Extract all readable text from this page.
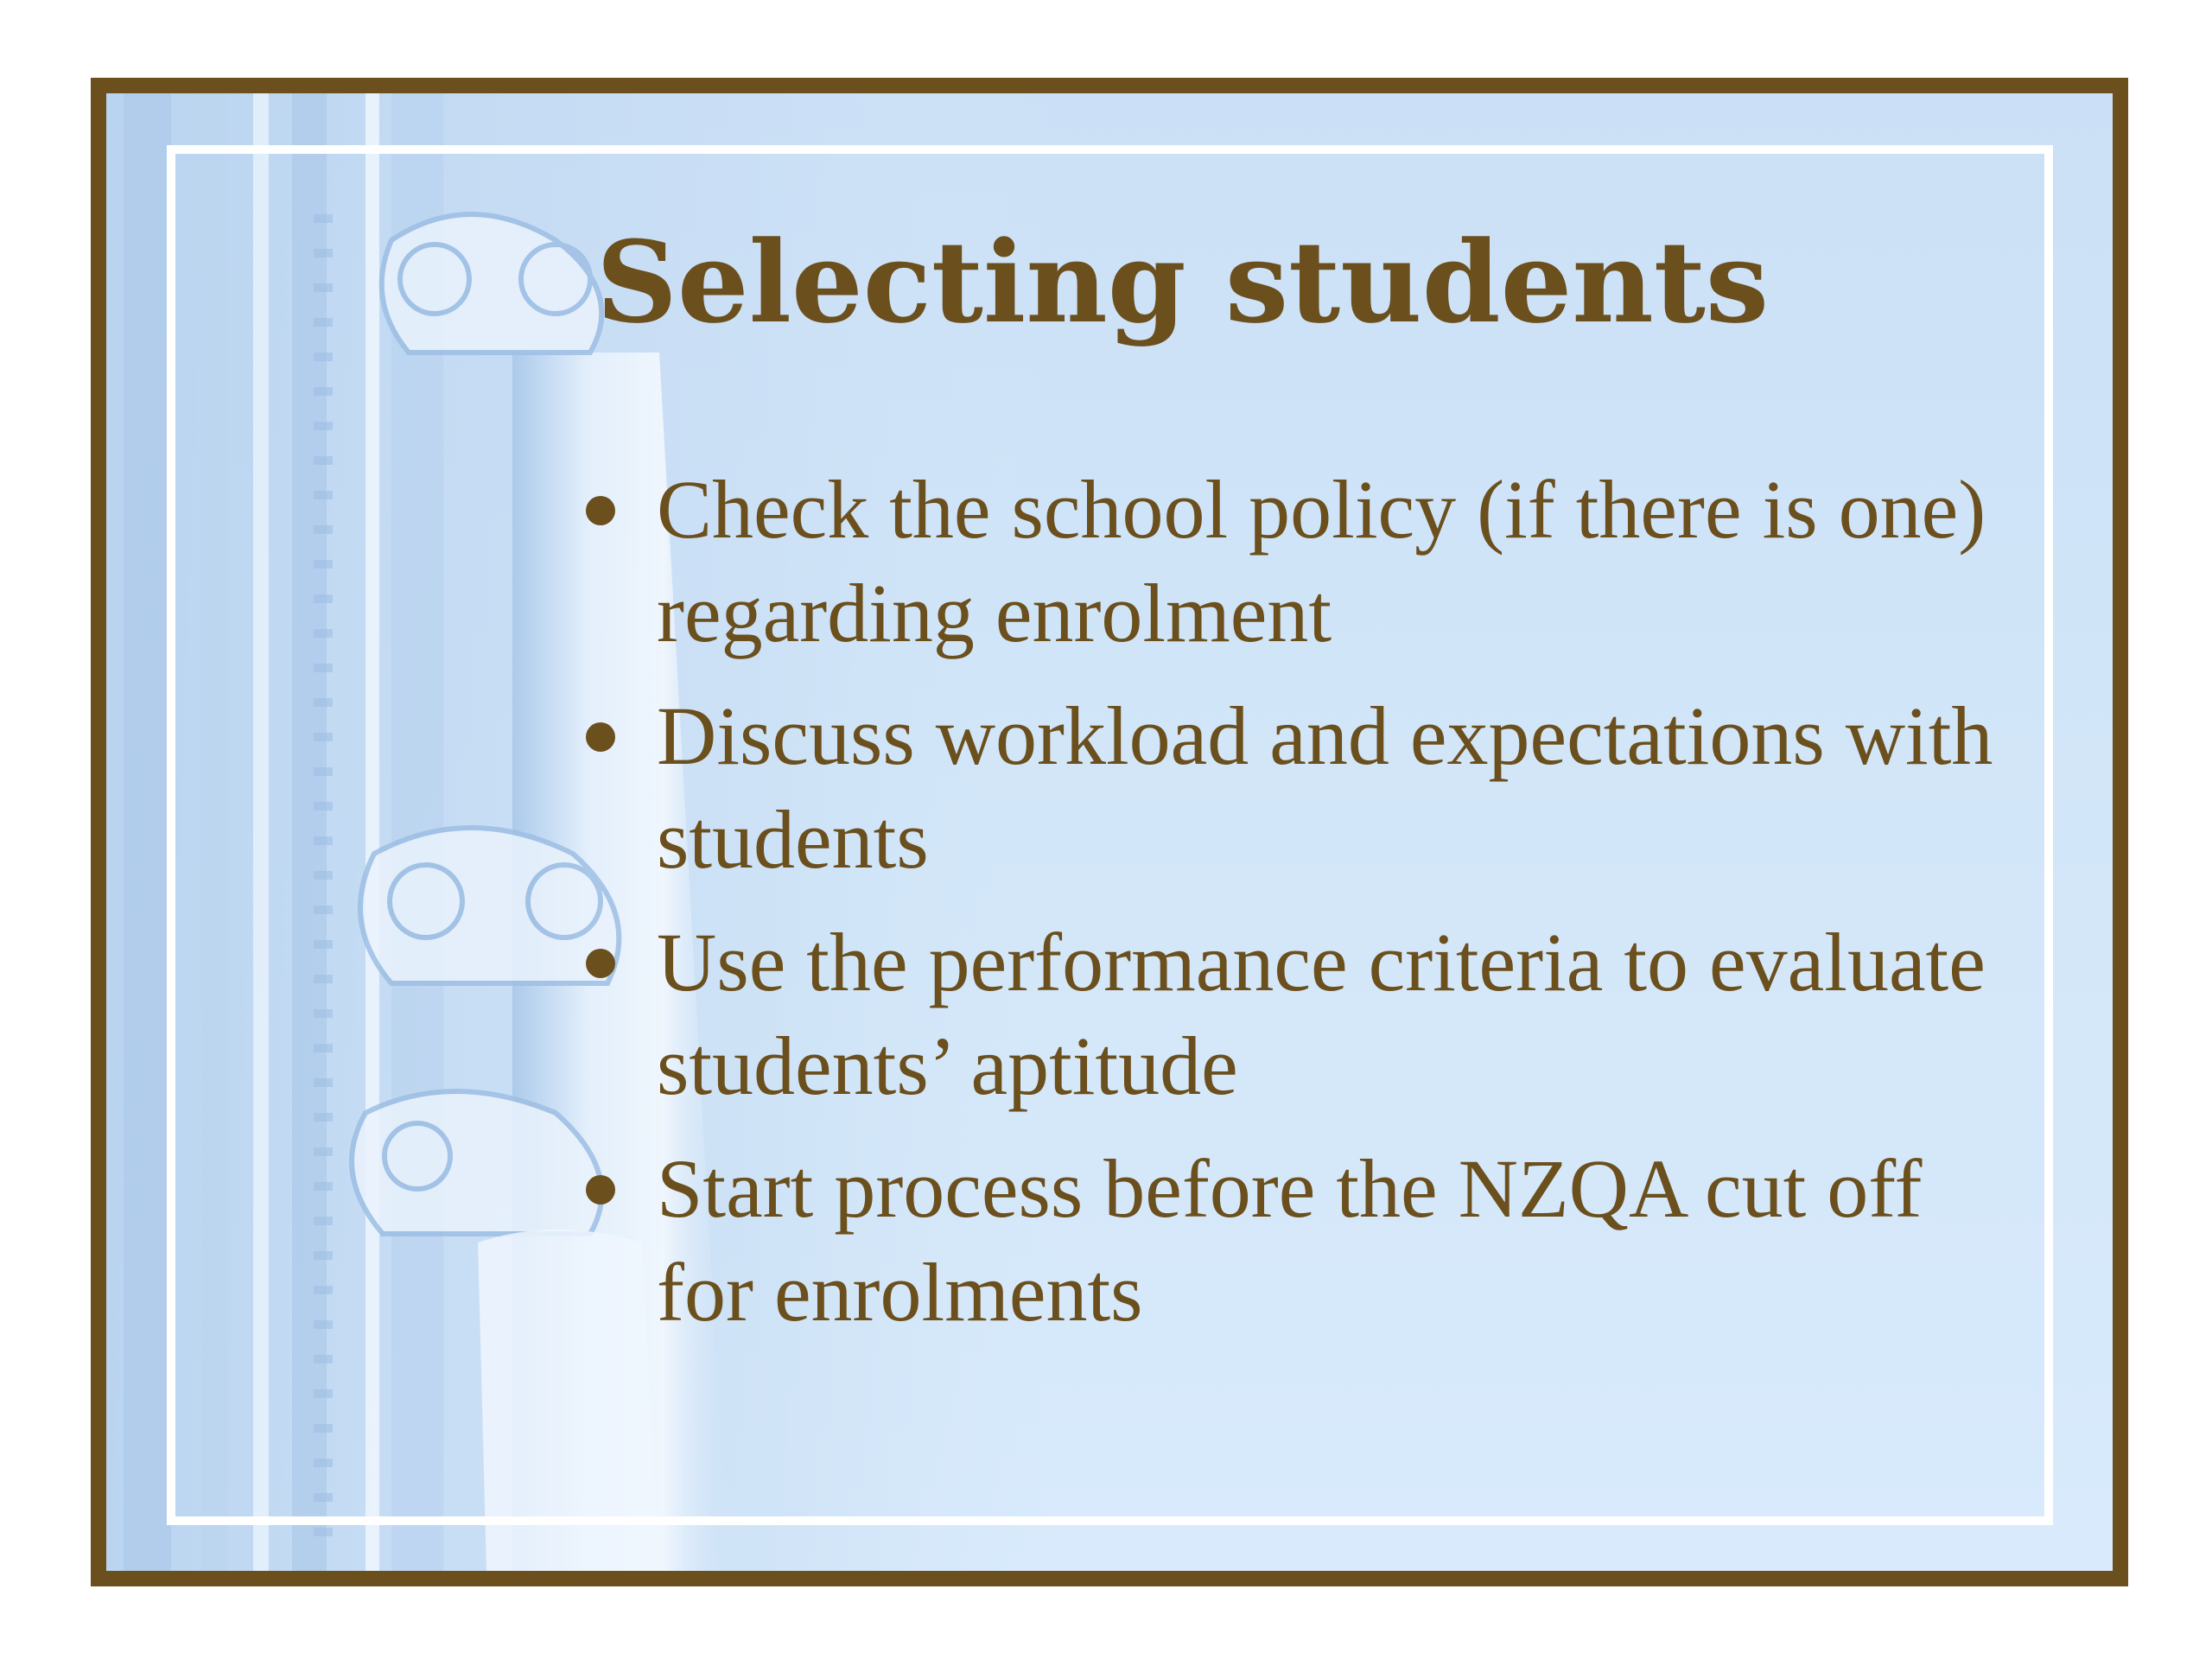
Selecting students
Check the school policy (if there is one) regarding enrolment
Discuss workload and expectations with students
Use the performance criteria to evaluate students’ aptitude
Start process before the NZQA cut off for enrolments
